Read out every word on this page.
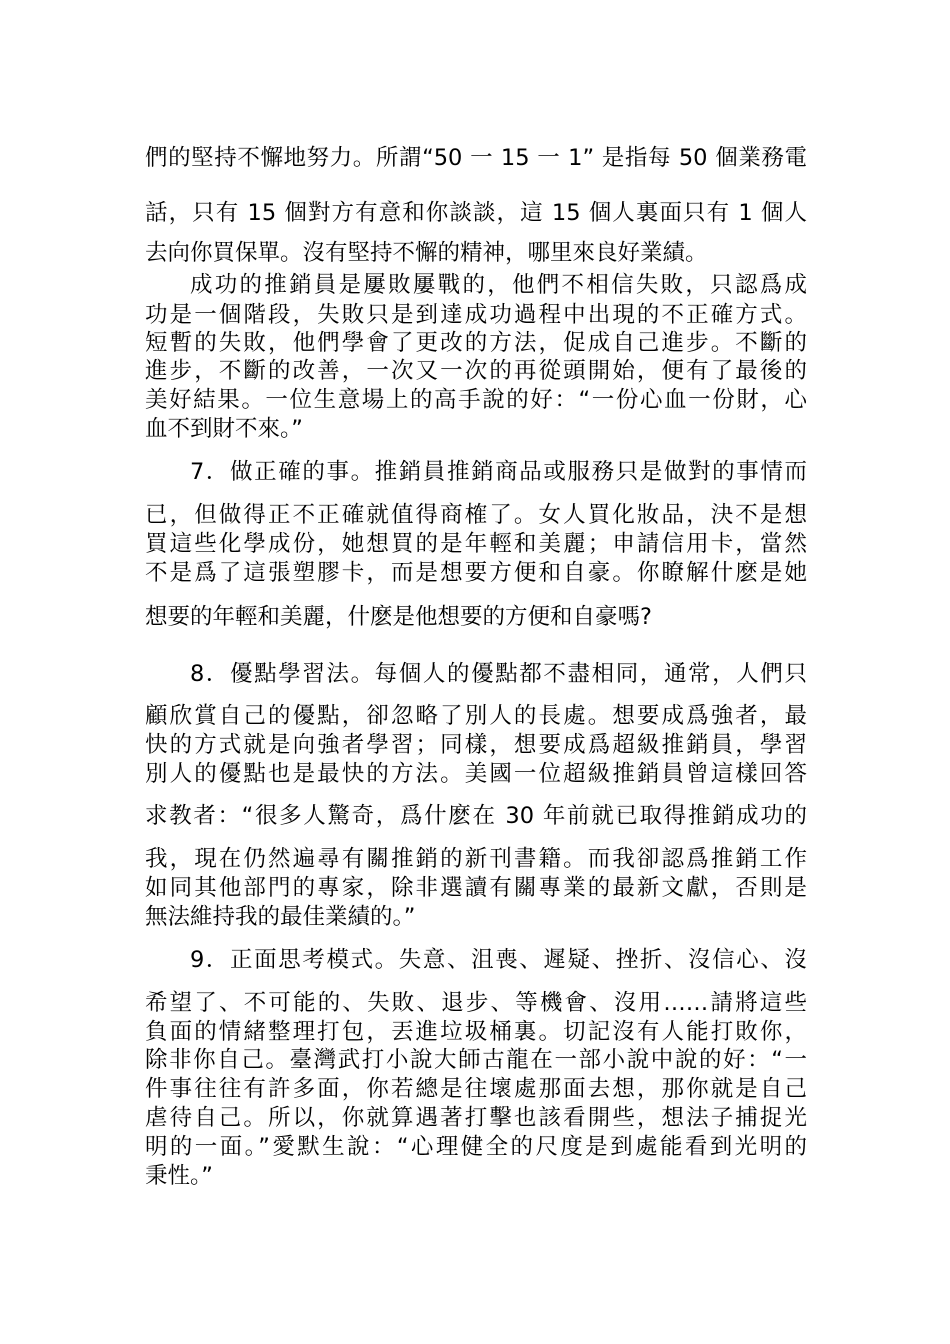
們的堅持不懈地努力。所謂“50 一 15 一 1” 是指每 50 個業務電
話，只有 15 個對方有意和你談談，這 15 個人裏面只有 1 個人
去向你買保單。沒有堅持不懈的精神，哪里來良好業績。
成功的推銷員是屢敗屢戰的，他們不相信失敗，只認爲成
功是一個階段，失敗只是到達成功過程中出現的不正確方式。
短暫的失敗，他們學會了更改的方法，促成自己進步。不斷的
進步，不斷的改善，一次又一次的再從頭開始，便有了最後的
美好結果。一位生意場上的高手說的好：“一份心血一份財，心
血不到財不來。”
7．做正確的事。推銷員推銷商品或服務只是做對的事情而
已，但做得正不正確就值得商榷了。女人買化妝品，決不是想
買這些化學成份，她想買的是年輕和美麗；申請信用卡，當然
不是爲了這張塑膠卡，而是想要方便和自豪。你瞭解什麽是她
想要的年輕和美麗，什麽是他想要的方便和自豪嗎?
8．優點學習法。每個人的優點都不盡相同，通常，人們只
顧欣賞自己的優點，卻忽略了別人的長處。想要成爲強者，最
快的方式就是向強者學習；同樣，想要成爲超級推銷員，學習
別人的優點也是最快的方法。美國一位超級推銷員曾這樣回答
求教者：“很多人驚奇，爲什麽在 30 年前就已取得推銷成功的
我，現在仍然遍尋有關推銷的新刊書籍。而我卻認爲推銷工作
如同其他部門的專家，除非選讀有關專業的最新文獻，否則是
無法維持我的最佳業績的。”
9．正面思考模式。失意、沮喪、遲疑、挫折、沒信心、沒
希望了、不可能的、失敗、退步、等機會、沒用……請將這些
負面的情緒整理打包，丟進垃圾桶裏。切記沒有人能打敗你，
除非你自己。臺灣武打小說大師古龍在一部小說中說的好：“一
件事往往有許多面，你若總是往壞處那面去想，那你就是自己
虐待自己。所以，你就算遇著打擊也該看開些，想法子捕捉光
明的一面。”愛默生說：“心理健全的尺度是到處能看到光明的
秉性。”
